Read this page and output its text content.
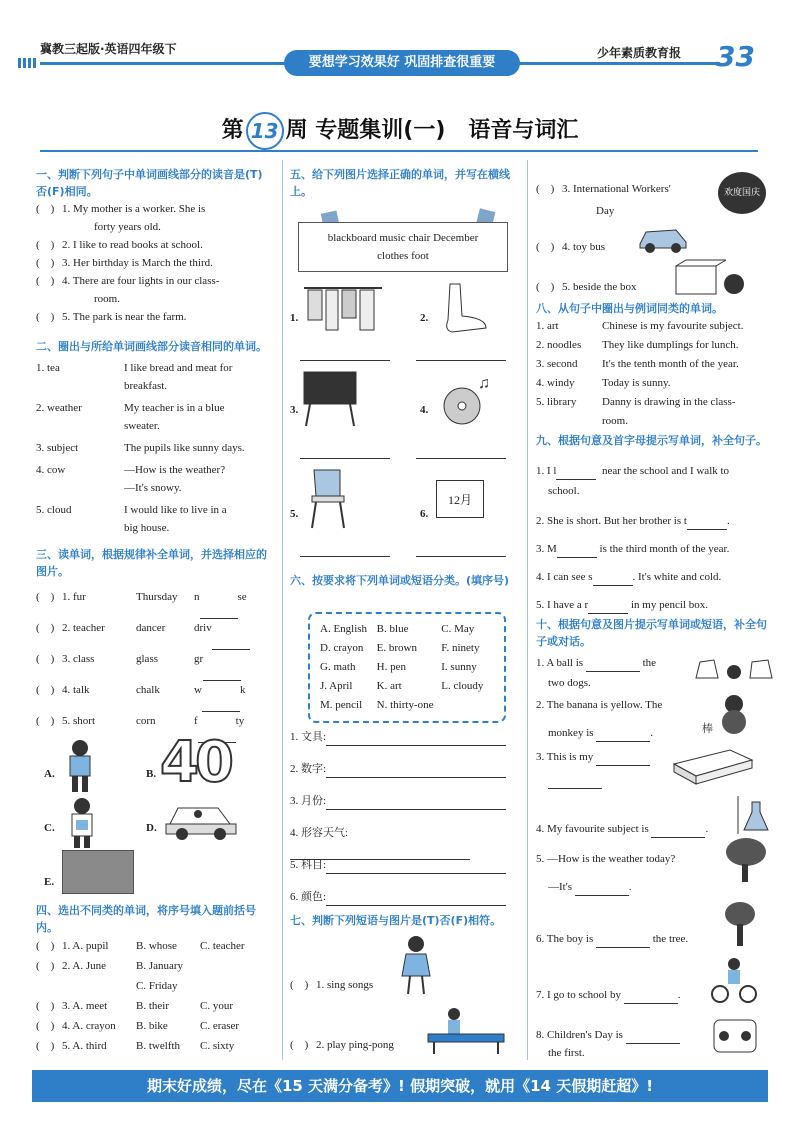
冀教三起版·英语四年级下
要想学习效果好 巩固排查很重要
少年素质教育报 33
第 13 周 专题集训(一) 语音与词汇
一、判断下列句子中单词画线部分的读音是(T)否(F)相同。
(    ) 1. My mother is a worker. She is
forty years old.
(    ) 2. I like to read books at school.
(    ) 3. Her birthday is March the third.
(    ) 4. There are four lights in our class-
room.
(    ) 5. The park is near the farm.
二、圈出与所给单词画线部分读音相同的单词。
1. tea	I like bread and meat for
breakfast.
2. weather	My teacher is in a blue
sweater.
3. subject	The pupils like sunny days.
4. cow	—How is the weather?
—It's snowy.
5. cloud	I would like to live in a
big house.
三、读单词，根据规律补全单词，并选择相应的图片。
(    ) 1. fur	Thursday	n	se
(    ) 2. teacher	dancer	driv
(    ) 3. class	glass	gr
(    ) 4. talk	chalk	w	k
(    ) 5. short	corn	f	ty
A.	B. 40
C.	D.
E.
四、选出不同类的单词，将序号填入题前括号内。
(    ) 1. A. pupil	B. whose	C. teacher
(    ) 2. A. June	B. January
C. Friday
(    ) 3. A. meet	B. their	C. your
(    ) 4. A. crayon	B. bike	C. eraser
(    ) 5. A. third	B. twelfth	C. sixty
五、给下列图片选择正确的单词，并写在横线上。
blackboard music chair December
clothes foot
1.	2.
3.
♫
4.
5.
12月
6.
六、按要求将下列单词或短语分类。(填序号)
A. English	B. blue	C. May
D. crayon	E. brown	F. ninety
G. math	H. pen	I. sunny
J. April	K. art	L. cloudy
M. pencil	N. thirty-one	
1. 文具:
2. 数字:
3. 月份:
4. 形容天气:
5. 科目:
6. 颜色:
七、判断下列短语与图片是(T)否(F)相符。
(    ) 1. sing songs
(    ) 2. play ping-pong
(    ) 3. International Workers'
Day
欢度国庆
(    ) 4. toy bus
(    ) 5. beside the box
八、从句子中圈出与例词同类的单词。
1. art	Chinese is my favourite subject.
2. noodles	They like dumplings for lunch.
3. second	It's the tenth month of the year.
4. windy	Today is sunny.
5. library	Danny is drawing in the class-
room.
九、根据句意及首字母提示写单词，补全句子。
1. I l	near the school and I walk to
school.
2. She is short. But her brother is t	.
3. M	is the third month of the year.
4. I can see s	. It's white and cold.
5. I have a r	in my pencil box.
十、根据句意及图片提示写单词或短语，补全句子或对话。
1. A ball is	the
two dogs.
2. The banana is yellow. The
monkey is	.	棒
3. This is my
4. My favourite subject is	.
5. —How is the weather today?
—It's	.
6. The boy is	the tree.
7. I go to school by	.
8. Children's Day is
the first.
期末好成绩，尽在《15 天满分备考》! 假期突破，就用《14 天假期赶超》!
